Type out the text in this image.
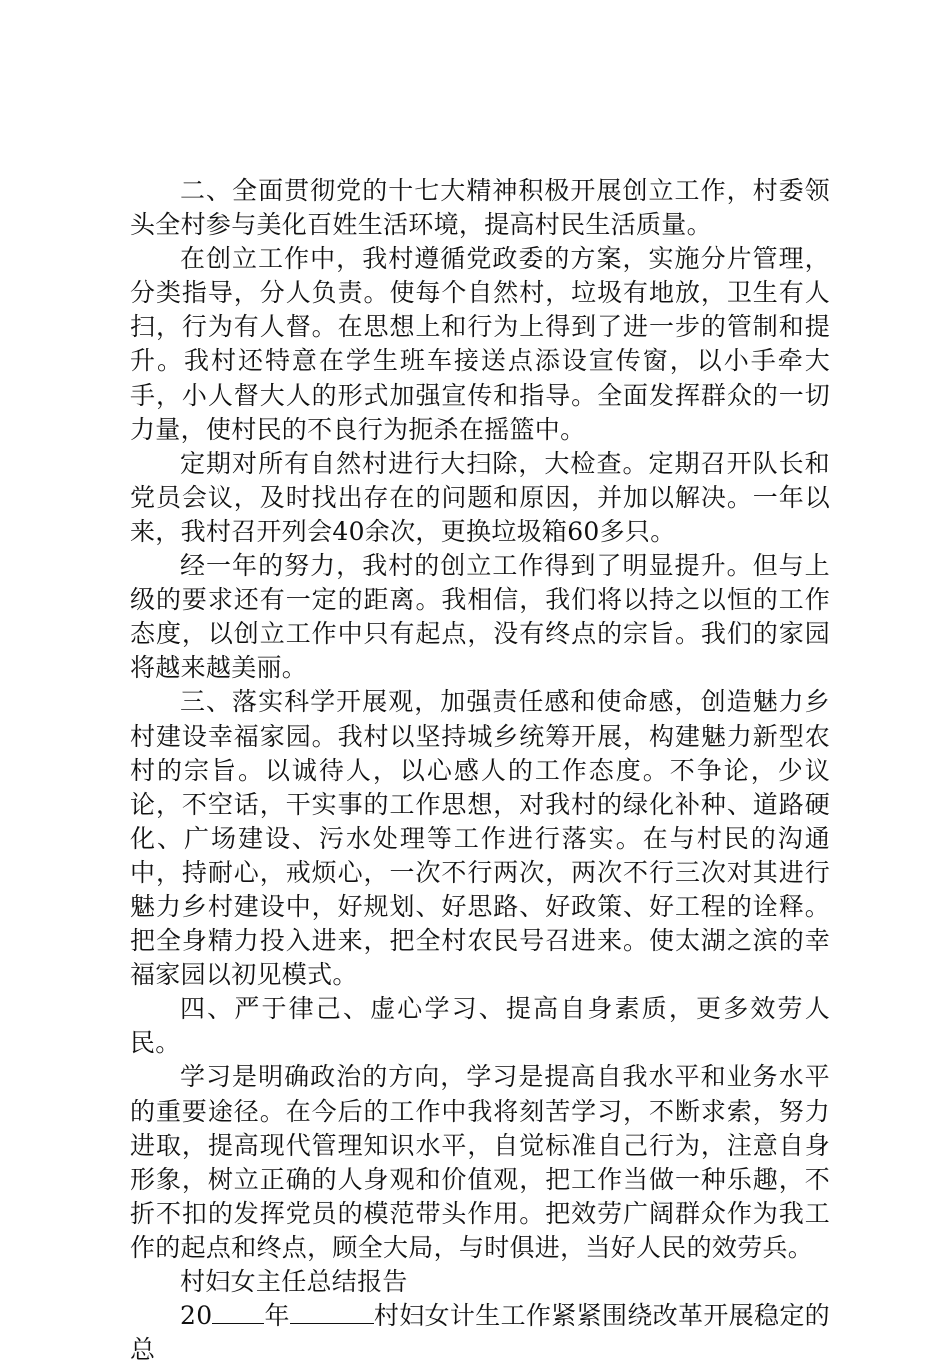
二、全面贯彻党的十七大精神积极开展创立工作，村委领头全村参与美化百姓生活环境，提高村民生活质量。

在创立工作中，我村遵循党政委的方案，实施分片管理，分类指导，分人负责。使每个自然村，垃圾有地放，卫生有人扫，行为有人督。在思想上和行为上得到了进一步的管制和提升。我村还特意在学生班车接送点添设宣传窗，以小手牵大手，小人督大人的形式加强宣传和指导。全面发挥群众的一切力量，使村民的不良行为扼杀在摇篮中。

定期对所有自然村进行大扫除，大检查。定期召开队长和党员会议，及时找出存在的问题和原因，并加以解决。一年以来，我村召开列会40余次，更换垃圾箱60多只。

经一年的努力，我村的创立工作得到了明显提升。但与上级的要求还有一定的距离。我相信，我们将以持之以恒的工作态度，以创立工作中只有起点，没有终点的宗旨。我们的家园将越来越美丽。

三、落实科学开展观，加强责任感和使命感，创造魅力乡村建设幸福家园。我村以坚持城乡统筹开展，构建魅力新型农村的宗旨。以诚待人，以心感人的工作态度。不争论，少议论，不空话，干实事的工作思想，对我村的绿化补种、道路硬化、广场建设、污水处理等工作进行落实。在与村民的沟通中，持耐心，戒烦心，一次不行两次，两次不行三次对其进行魅力乡村建设中，好规划、好思路、好政策、好工程的诠释。把全身精力投入进来，把全村农民号召进来。使太湖之滨的幸福家园以初见模式。

四、严于律己、虚心学习、提高自身素质，更多效劳人民。

学习是明确政治的方向，学习是提高自我水平和业务水平的重要途径。在今后的工作中我将刻苦学习，不断求索，努力进取，提高现代管理知识水平，自觉标准自己行为，注意自身形象，树立正确的人身观和价值观，把工作当做一种乐趣，不折不扣的发挥党员的模范带头作用。把效劳广阔群众作为我工作的起点和终点，顾全大局，与时俱进，当好人民的效劳兵。

村妇女主任总结报告

20 年	村妇女计生工作紧紧围绕改革开展稳定的总
